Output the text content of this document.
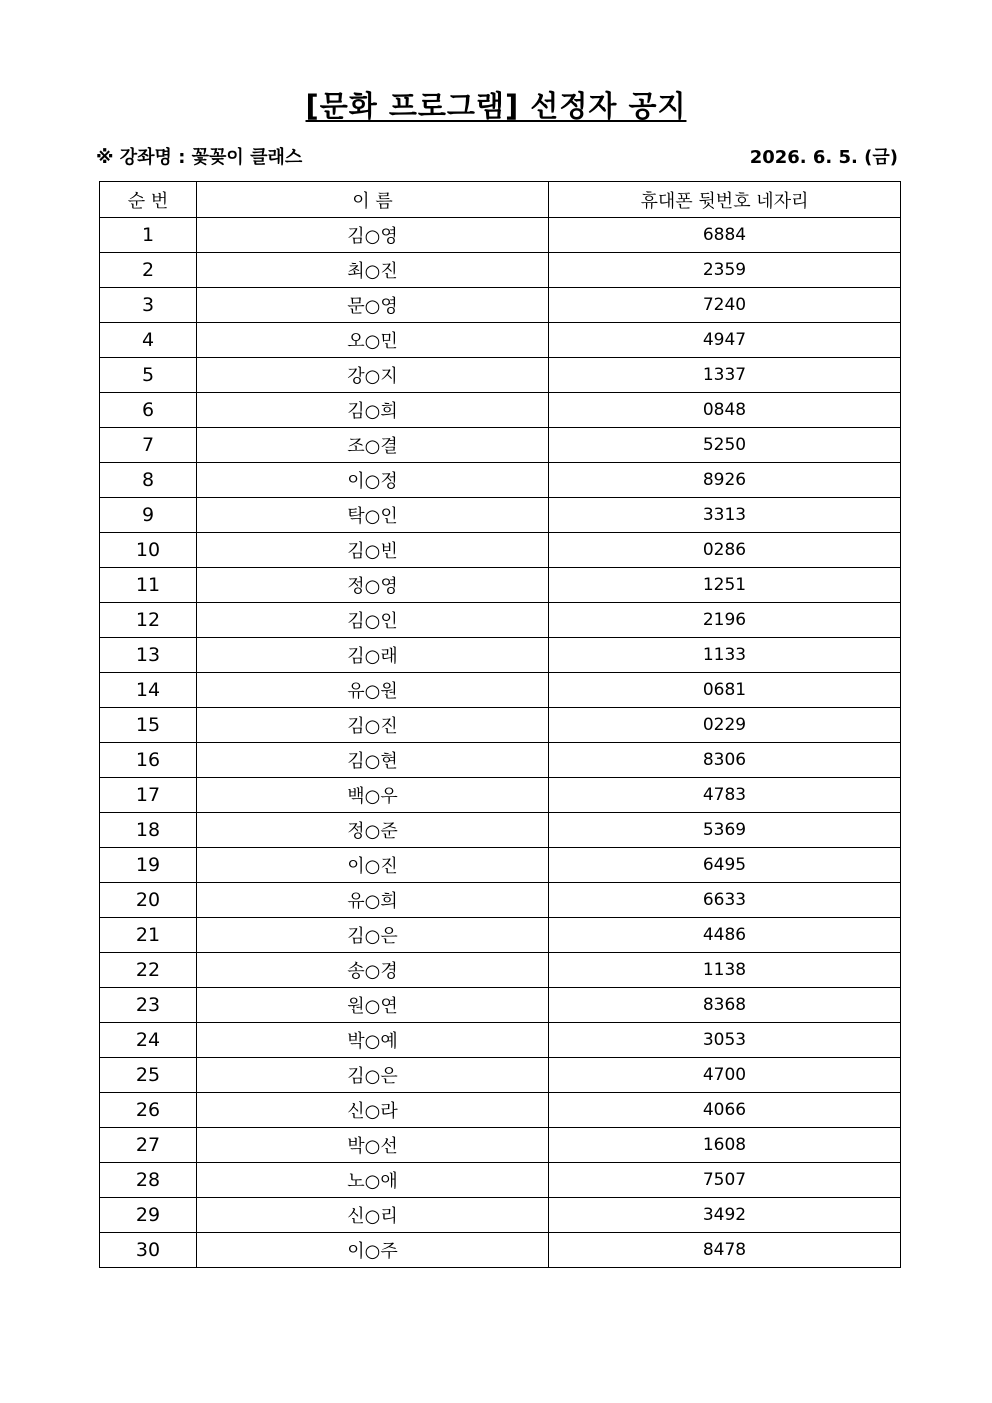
[문화 프로그램] 선정자 공지
※ 강좌명 : 꽃꽂이 클래스	2026. 6. 5. (금)
순 번	이 름	휴대폰 뒷번호 네자리
1	김○영	6884
2	최○진	2359
3	문○영	7240
4	오○민	4947
5	강○지	1337
6	김○희	0848
7	조○결	5250
8	이○정	8926
9	탁○인	3313
10	김○빈	0286
11	정○영	1251
12	김○인	2196
13	김○래	1133
14	유○원	0681
15	김○진	0229
16	김○현	8306
17	백○우	4783
18	정○준	5369
19	이○진	6495
20	유○희	6633
21	김○은	4486
22	송○경	1138
23	원○연	8368
24	박○예	3053
25	김○은	4700
26	신○라	4066
27	박○선	1608
28	노○애	7507
29	신○리	3492
30	이○주	8478
